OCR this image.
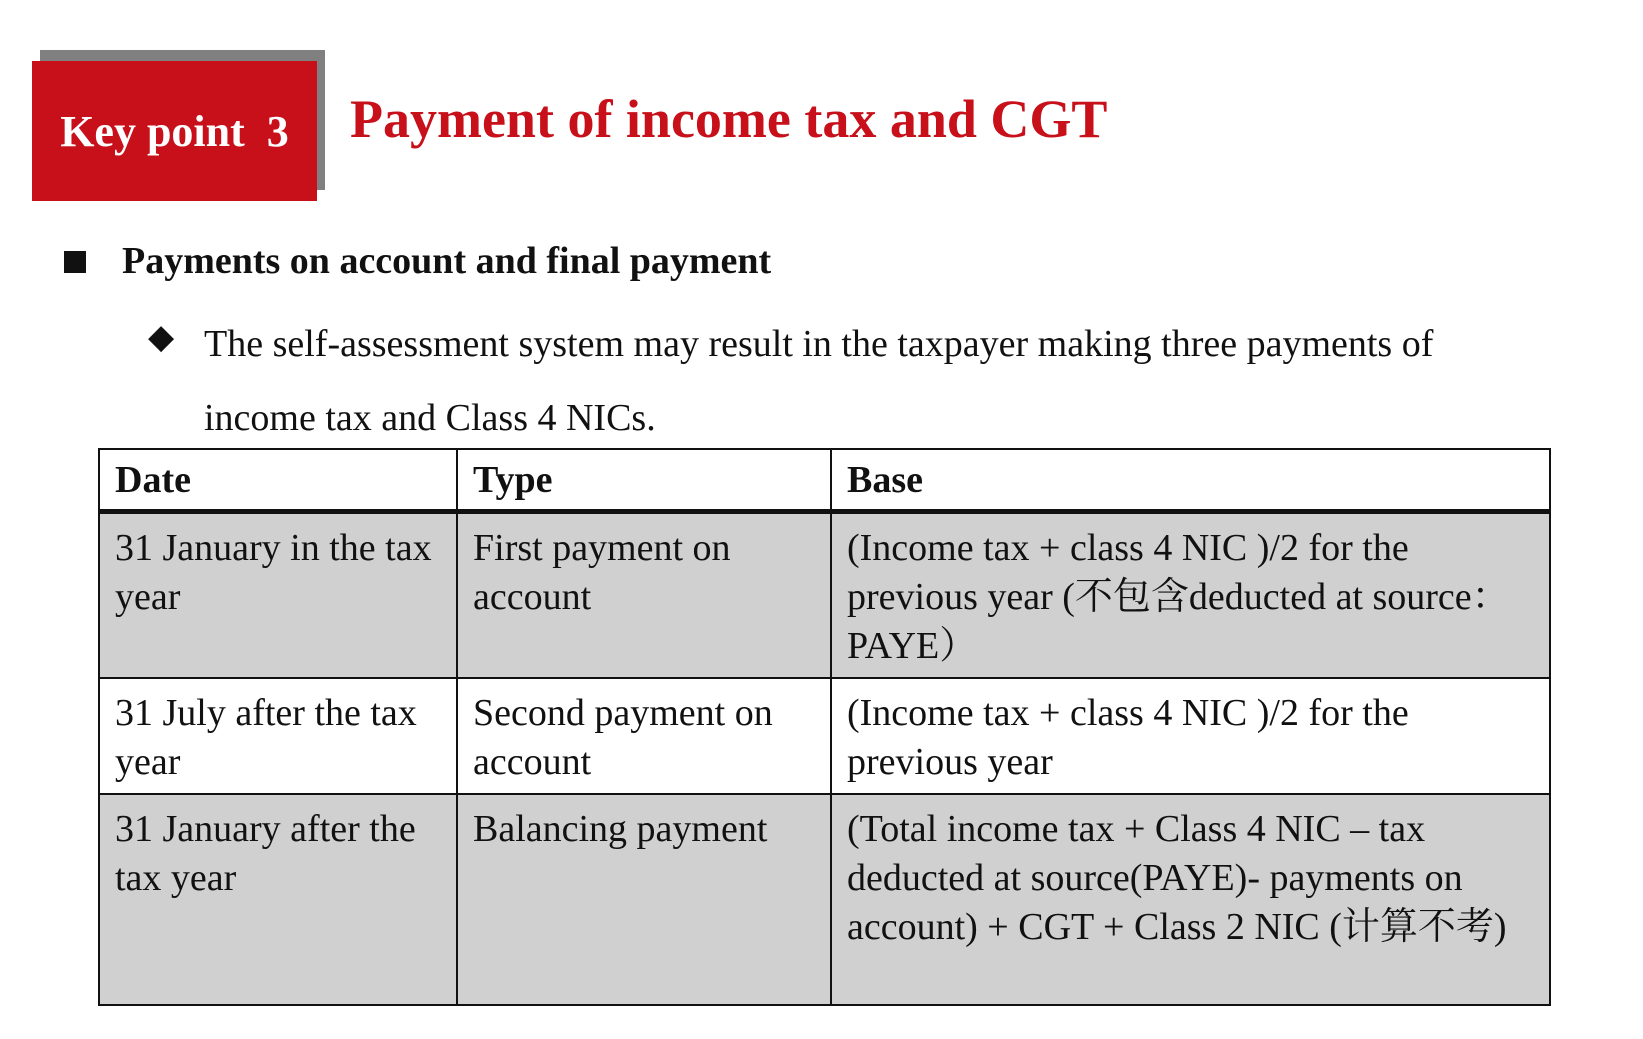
Key point  3	Payment of income tax and CGT
Payments on account and final payment
◆ The self-assessment system may result in the taxpayer making three payments of income tax and Class 4 NICs.
Date	Type	Base
31 January in the tax year	First payment on account	(Income tax + class 4 NIC )/2 for the previous year (不包含deducted at source：PAYE）
31 July after the tax year	Second payment on account	(Income tax + class 4 NIC )/2 for the previous year
31 January after the tax year	Balancing payment	(Total income tax + Class 4 NIC – tax deducted at source(PAYE)- payments on account) + CGT + Class 2 NIC (计算不考)
